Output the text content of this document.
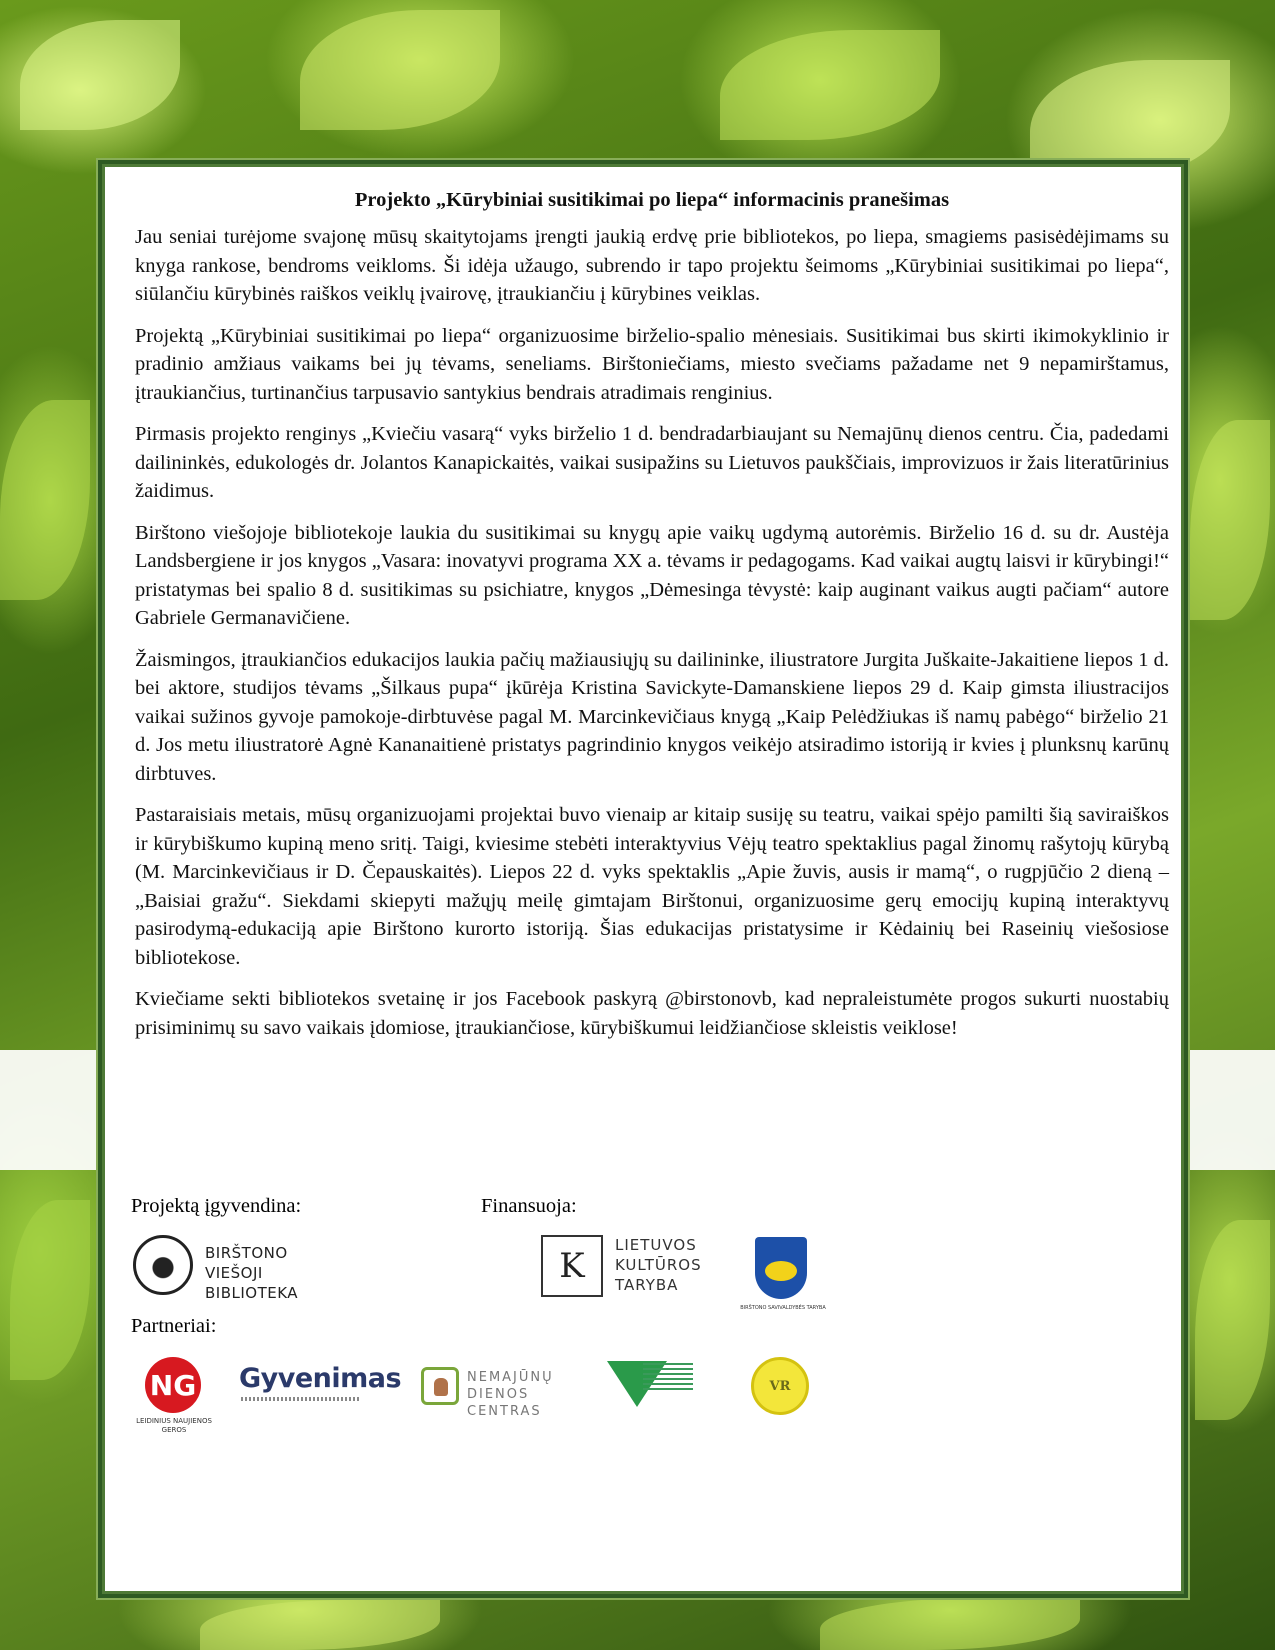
Projekto „Kūrybiniai susitikimai po liepa“ informacinis pranešimas

Jau seniai turėjome svajonę mūsų skaitytojams įrengti jaukią erdvę prie bibliotekos, po liepa, smagiems pasisėdėjimams su knyga rankose, bendroms veikloms. Ši idėja užaugo, subrendo ir tapo projektu šeimoms „Kūrybiniai susitikimai po liepa“, siūlančiu kūrybinės raiškos veiklų įvairovę, įtraukiančiu į kūrybines veiklas.

Projektą „Kūrybiniai susitikimai po liepa“ organizuosime birželio-spalio mėnesiais. Susitikimai bus skirti ikimokyklinio ir pradinio amžiaus vaikams bei jų tėvams, seneliams. Birštoniečiams, miesto svečiams pažadame net 9 nepamirštamus, įtraukiančius, turtinančius tarpusavio santykius bendrais atradimais renginius.

Pirmasis projekto renginys „Kviečiu vasarą“ vyks birželio 1 d. bendradarbiaujant su Nemajūnų dienos centru. Čia, padedami dailininkės, edukologės dr. Jolantos Kanapickaitės, vaikai susipažins su Lietuvos paukščiais, improvizuos ir žais literatūrinius žaidimus.

Birštono viešojoje bibliotekoje laukia du susitikimai su knygų apie vaikų ugdymą autorėmis. Birželio 16 d. su dr. Austėja Landsbergiene ir jos knygos „Vasara: inovatyvi programa XX a. tėvams ir pedagogams. Kad vaikai augtų laisvi ir kūrybingi!“ pristatymas bei spalio 8 d. susitikimas su psichiatre, knygos „Dėmesinga tėvystė: kaip auginant vaikus augti pačiam“ autore Gabriele Germanavičiene.

Žaismingos, įtraukiančios edukacijos laukia pačių mažiausiųjų su dailininke, iliustratore Jurgita Juškaite-Jakaitiene liepos 1 d. bei aktore, studijos tėvams „Šilkaus pupa“ įkūrėja Kristina Savickyte-Damanskiene liepos 29 d. Kaip gimsta iliustracijos vaikai sužinos gyvoje pamokoje-dirbtuvėse pagal M. Marcinkevičiaus knygą „Kaip Pelėdžiukas iš namų pabėgo“ birželio 21 d. Jos metu iliustratorė Agnė Kananaitienė pristatys pagrindinio knygos veikėjo atsiradimo istoriją ir kvies į plunksnų karūnų dirbtuves.

Pastaraisiais metais, mūsų organizuojami projektai buvo vienaip ar kitaip susiję su teatru, vaikai spėjo pamilti šią saviraiškos ir kūrybiškumo kupiną meno sritį. Taigi, kviesime stebėti interaktyvius Vėjų teatro spektaklius pagal žinomų rašytojų kūrybą (M. Marcinkevičiaus ir D. Čepauskaitės). Liepos 22 d. vyks spektaklis „Apie žuvis, ausis ir mamą“, o rugpjūčio 2 dieną – „Baisiai gražu“. Siekdami skiepyti mažųjų meilę gimtajam Birštonui, organizuosime gerų emocijų kupiną interaktyvų pasirodymą-edukaciją apie Birštono kurorto istoriją. Šias edukacijas pristatysime ir Kėdainių bei Raseinių viešosiose bibliotekose.

Kviečiame sekti bibliotekos svetainę ir jos Facebook paskyrą @birstonovb, kad nepraleistumėte progos sukurti nuostabių prisiminimų su savo vaikais įdomiose, įtraukiančiose, kūrybiškumui leidžiančiose skleistis veiklose!

Projektą įgyvendina:	Finansuoja:
Partneriai:
BIRŠTONO
VIEŠOJI BIBLIOTEKA
K
LIETUVOS
KULTŪROS
TARYBA
BIRŠTONO SAVIVALDYBĖS TARYBA
NG
LEIDINIUS NAUJIENOS GEROS
Gyvenimas	NEMAJŪNŲ
DIENOS CENTRAS
VR
